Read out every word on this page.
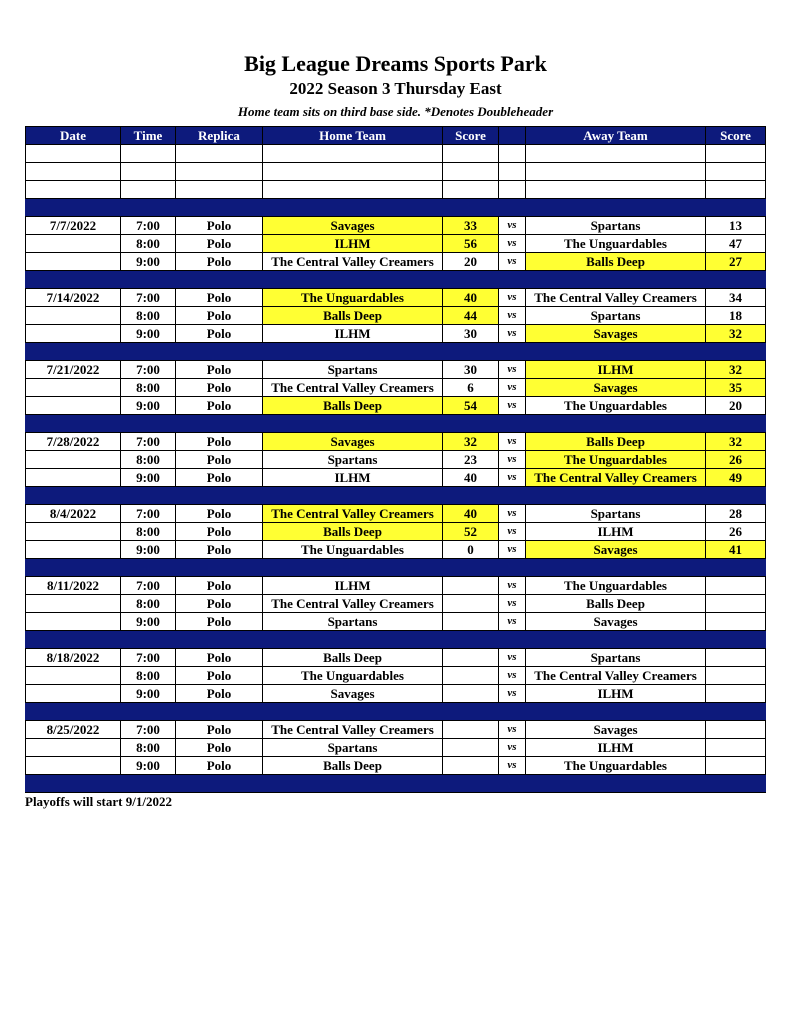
Big League Dreams Sports Park
2022 Season 3 Thursday East
Home team sits on third base side. *Denotes Doubleheader
Date	Time	Replica	Home Team	Score		Away Team	Score

7/7/2022	7:00	Polo	Savages	33	vs	Spartans	13
	8:00	Polo	ILHM	56	vs	The Unguardables	47
	9:00	Polo	The Central Valley Creamers	20	vs	Balls Deep	27

7/14/2022	7:00	Polo	The Unguardables	40	vs	The Central Valley Creamers	34
	8:00	Polo	Balls Deep	44	vs	Spartans	18
	9:00	Polo	ILHM	30	vs	Savages	32

7/21/2022	7:00	Polo	Spartans	30	vs	ILHM	32
	8:00	Polo	The Central Valley Creamers	6	vs	Savages	35
	9:00	Polo	Balls Deep	54	vs	The Unguardables	20

7/28/2022	7:00	Polo	Savages	32	vs	Balls Deep	32
	8:00	Polo	Spartans	23	vs	The Unguardables	26
	9:00	Polo	ILHM	40	vs	The Central Valley Creamers	49

8/4/2022	7:00	Polo	The Central Valley Creamers	40	vs	Spartans	28
	8:00	Polo	Balls Deep	52	vs	ILHM	26
	9:00	Polo	The Unguardables	0	vs	Savages	41

8/11/2022	7:00	Polo	ILHM		vs	The Unguardables	
	8:00	Polo	The Central Valley Creamers		vs	Balls Deep	
	9:00	Polo	Spartans		vs	Savages	

8/18/2022	7:00	Polo	Balls Deep		vs	Spartans	
	8:00	Polo	The Unguardables		vs	The Central Valley Creamers	
	9:00	Polo	Savages		vs	ILHM	

8/25/2022	7:00	Polo	The Central Valley Creamers		vs	Savages	
	8:00	Polo	Spartans		vs	ILHM	
	9:00	Polo	Balls Deep		vs	The Unguardables	

Playoffs will start 9/1/2022
